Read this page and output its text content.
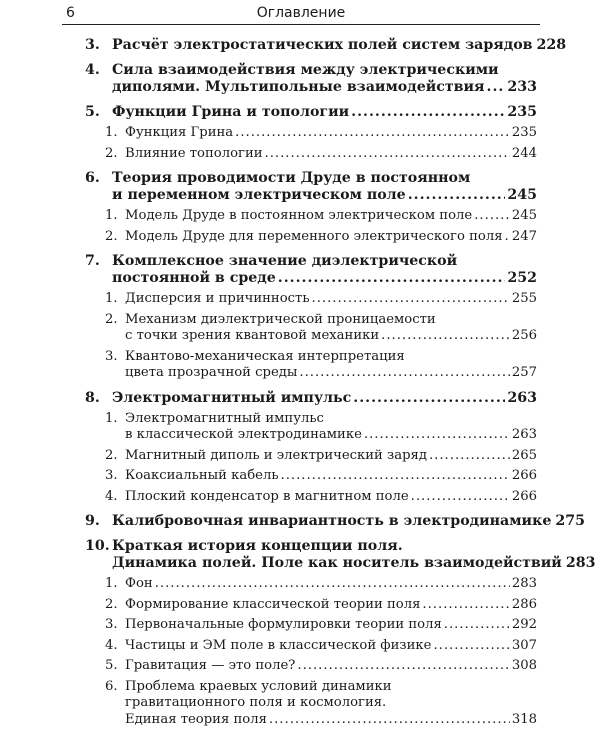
6	Оглавление
3. Расчёт электростатических полей систем зарядов 228
4. Сила взаимодействия между электрическими
диполями. Мультипольные взаимодействия ..... 233
5. Функции Грина и топологии .....	235
1. Функция Грина .....	235
2. Влияние топологии .....	244
6. Теория проводимости Друде в постоянном
и переменном электрическом поле .....	245
1. Модель Друде в постоянном электрическом поле .....	245
2. Модель Друде для переменного электрического поля ..... 247
7. Комплексное значение диэлектрической
постоянной в среде .....	252
1. Дисперсия и причинность .....	255
2. Механизм диэлектрической проницаемости
с точки зрения квантовой механики .....	256
3. Квантово-механическая интерпретация
цвета прозрачной среды .....	257
8. Электромагнитный импульс .....	263
1. Электромагнитный импульс
в классической электродинамике .....	263
2. Магнитный диполь и электрический заряд .....	265
3. Коаксиальный кабель .....	266
4. Плоский конденсатор в магнитном поле .....	266
9. Калибровочная инвариантность в электродинамике 275
10. Краткая история концепции поля.
Динамика полей. Поле как носитель взаимодействий 283
1. Фон .....	283
2. Формирование классической теории поля .....	286
3. Первоначальные формулировки теории поля .....	292
4. Частицы и ЭМ поле в классической физике .....	307
5. Гравитация — это поле? .....	308
6. Проблема краевых условий динамики
гравитационного поля и космология.
Единая теория поля .....	318
